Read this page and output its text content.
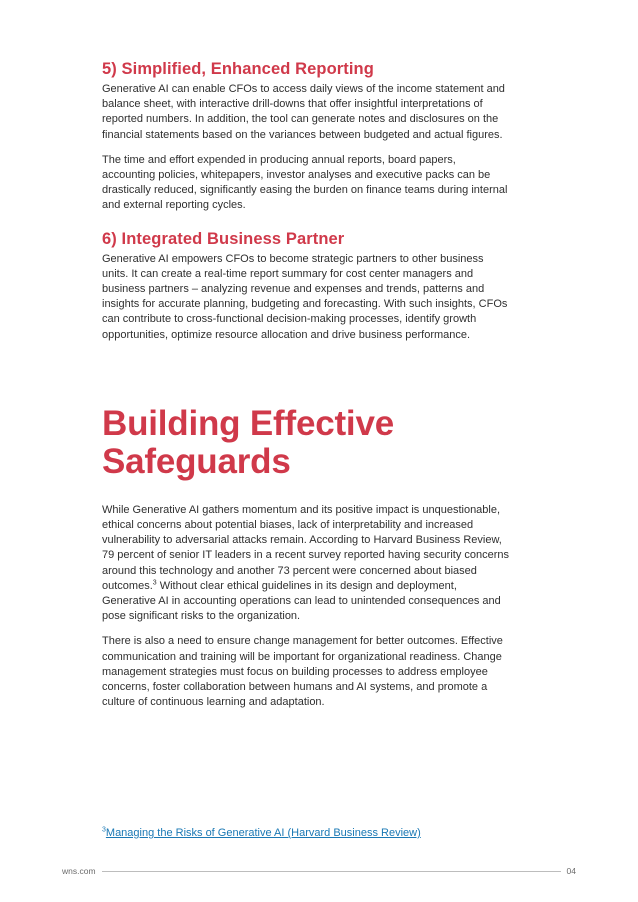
5) Simplified, Enhanced Reporting

Generative AI can enable CFOs to access daily views of the income statement and balance sheet, with interactive drill-downs that offer insightful interpretations of reported numbers. In addition, the tool can generate notes and disclosures on the financial statements based on the variances between budgeted and actual figures.

The time and effort expended in producing annual reports, board papers, accounting policies, whitepapers, investor analyses and executive packs can be drastically reduced, significantly easing the burden on finance teams during internal and external reporting cycles.

6) Integrated Business Partner

Generative AI empowers CFOs to become strategic partners to other business units. It can create a real-time report summary for cost center managers and business partners – analyzing revenue and expenses and trends, patterns and insights for accurate planning, budgeting and forecasting. With such insights, CFOs can contribute to cross-functional decision-making processes, identify growth opportunities, optimize resource allocation and drive business performance.

Building Effective
Safeguards

While Generative AI gathers momentum and its positive impact is unquestionable, ethical concerns about potential biases, lack of interpretability and increased vulnerability to adversarial attacks remain. According to Harvard Business Review, 79 percent of senior IT leaders in a recent survey reported having security concerns around this technology and another 73 percent were concerned about biased outcomes.$^3$ Without clear ethical guidelines in its design and deployment, Generative AI in accounting operations can lead to unintended consequences and pose significant risks to the organization.

There is also a need to ensure change management for better outcomes. Effective communication and training will be important for organizational readiness. Change management strategies must focus on building processes to address employee concerns, foster collaboration between humans and AI systems, and promote a culture of continuous learning and adaptation.

$^3$Managing the Risks of Generative AI (Harvard Business Review)
wns.com	04
